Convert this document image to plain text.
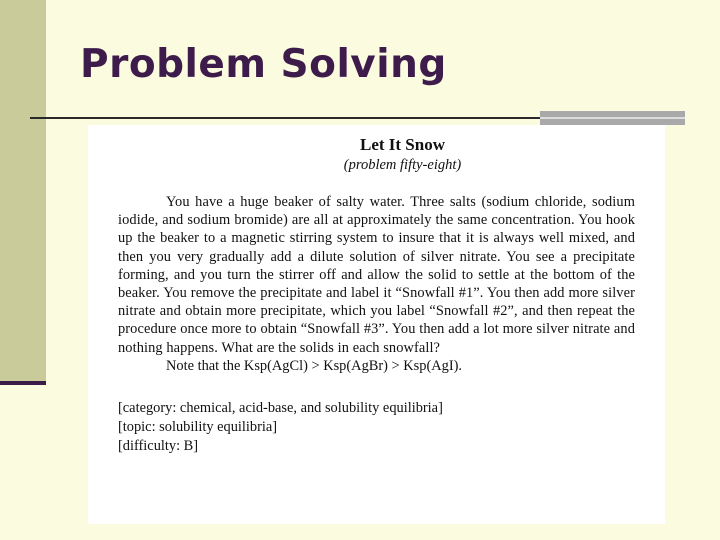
Problem Solving

Let It Snow

(problem fifty-eight)

You have a huge beaker of salty water. Three salts (sodium chloride, sodium iodide, and sodium bromide) are all at approximately the same concentration. You hook up the beaker to a magnetic stirring system to insure that it is always well mixed, and then you very gradually add a dilute solution of silver nitrate. You see a precipitate forming, and you turn the stirrer off and allow the solid to settle at the bottom of the beaker. You remove the precipitate and label it “Snowfall #1”. You then add more silver nitrate and obtain more precipitate, which you label “Snowfall #2”, and then repeat the procedure once more to obtain “Snowfall #3”. You then add a lot more silver nitrate and nothing happens. What are the solids in each snowfall?

Note that the Ksp(AgCl) > Ksp(AgBr) > Ksp(AgI).

[category: chemical, acid-base, and solubility equilibria]

[topic: solubility equilibria]

[difficulty: B]
